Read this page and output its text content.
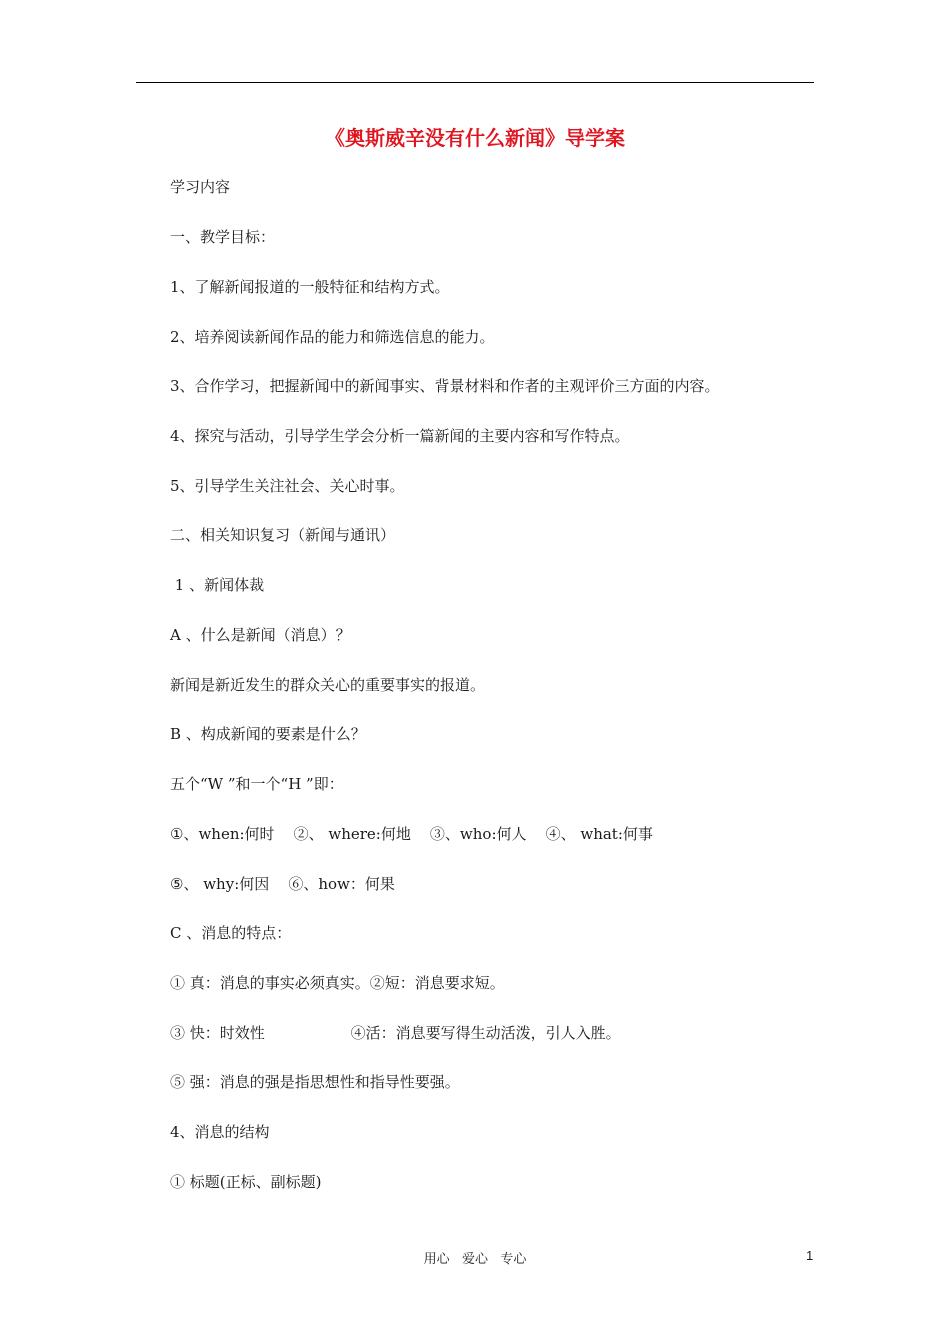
《奥斯威辛没有什么新闻》导学案
学习内容
一、教学目标：
1、了解新闻报道的一般特征和结构方式。
2、培养阅读新闻作品的能力和筛选信息的能力。
3、合作学习，把握新闻中的新闻事实、背景材料和作者的主观评价三方面的内容。
4、探究与活动，引导学生学会分析一篇新闻的主要内容和写作特点。
5、引导学生关注社会、关心时事。
二、相关知识复习（新闻与通讯）
1 、新闻体裁
A 、什么是新闻（消息）？
新闻是新近发生的群众关心的重要事实的报道。
B 、构成新闻的要素是什么？
五个“W ”和一个“H ”即：
①、when:何时    ②、 where:何地    ③、who:何人    ④、 what:何事
⑤、 why:何因    ⑥、how：何果
C 、消息的特点：
① 真：消息的事实必须真实。②短：消息要求短。
③ 快：时效性                  ④活：消息要写得生动活泼，引人入胜。
⑤ 强：消息的强是指思想性和指导性要强。
4、消息的结构
① 标题(正标、副标题)
用心   爱心   专心	1
